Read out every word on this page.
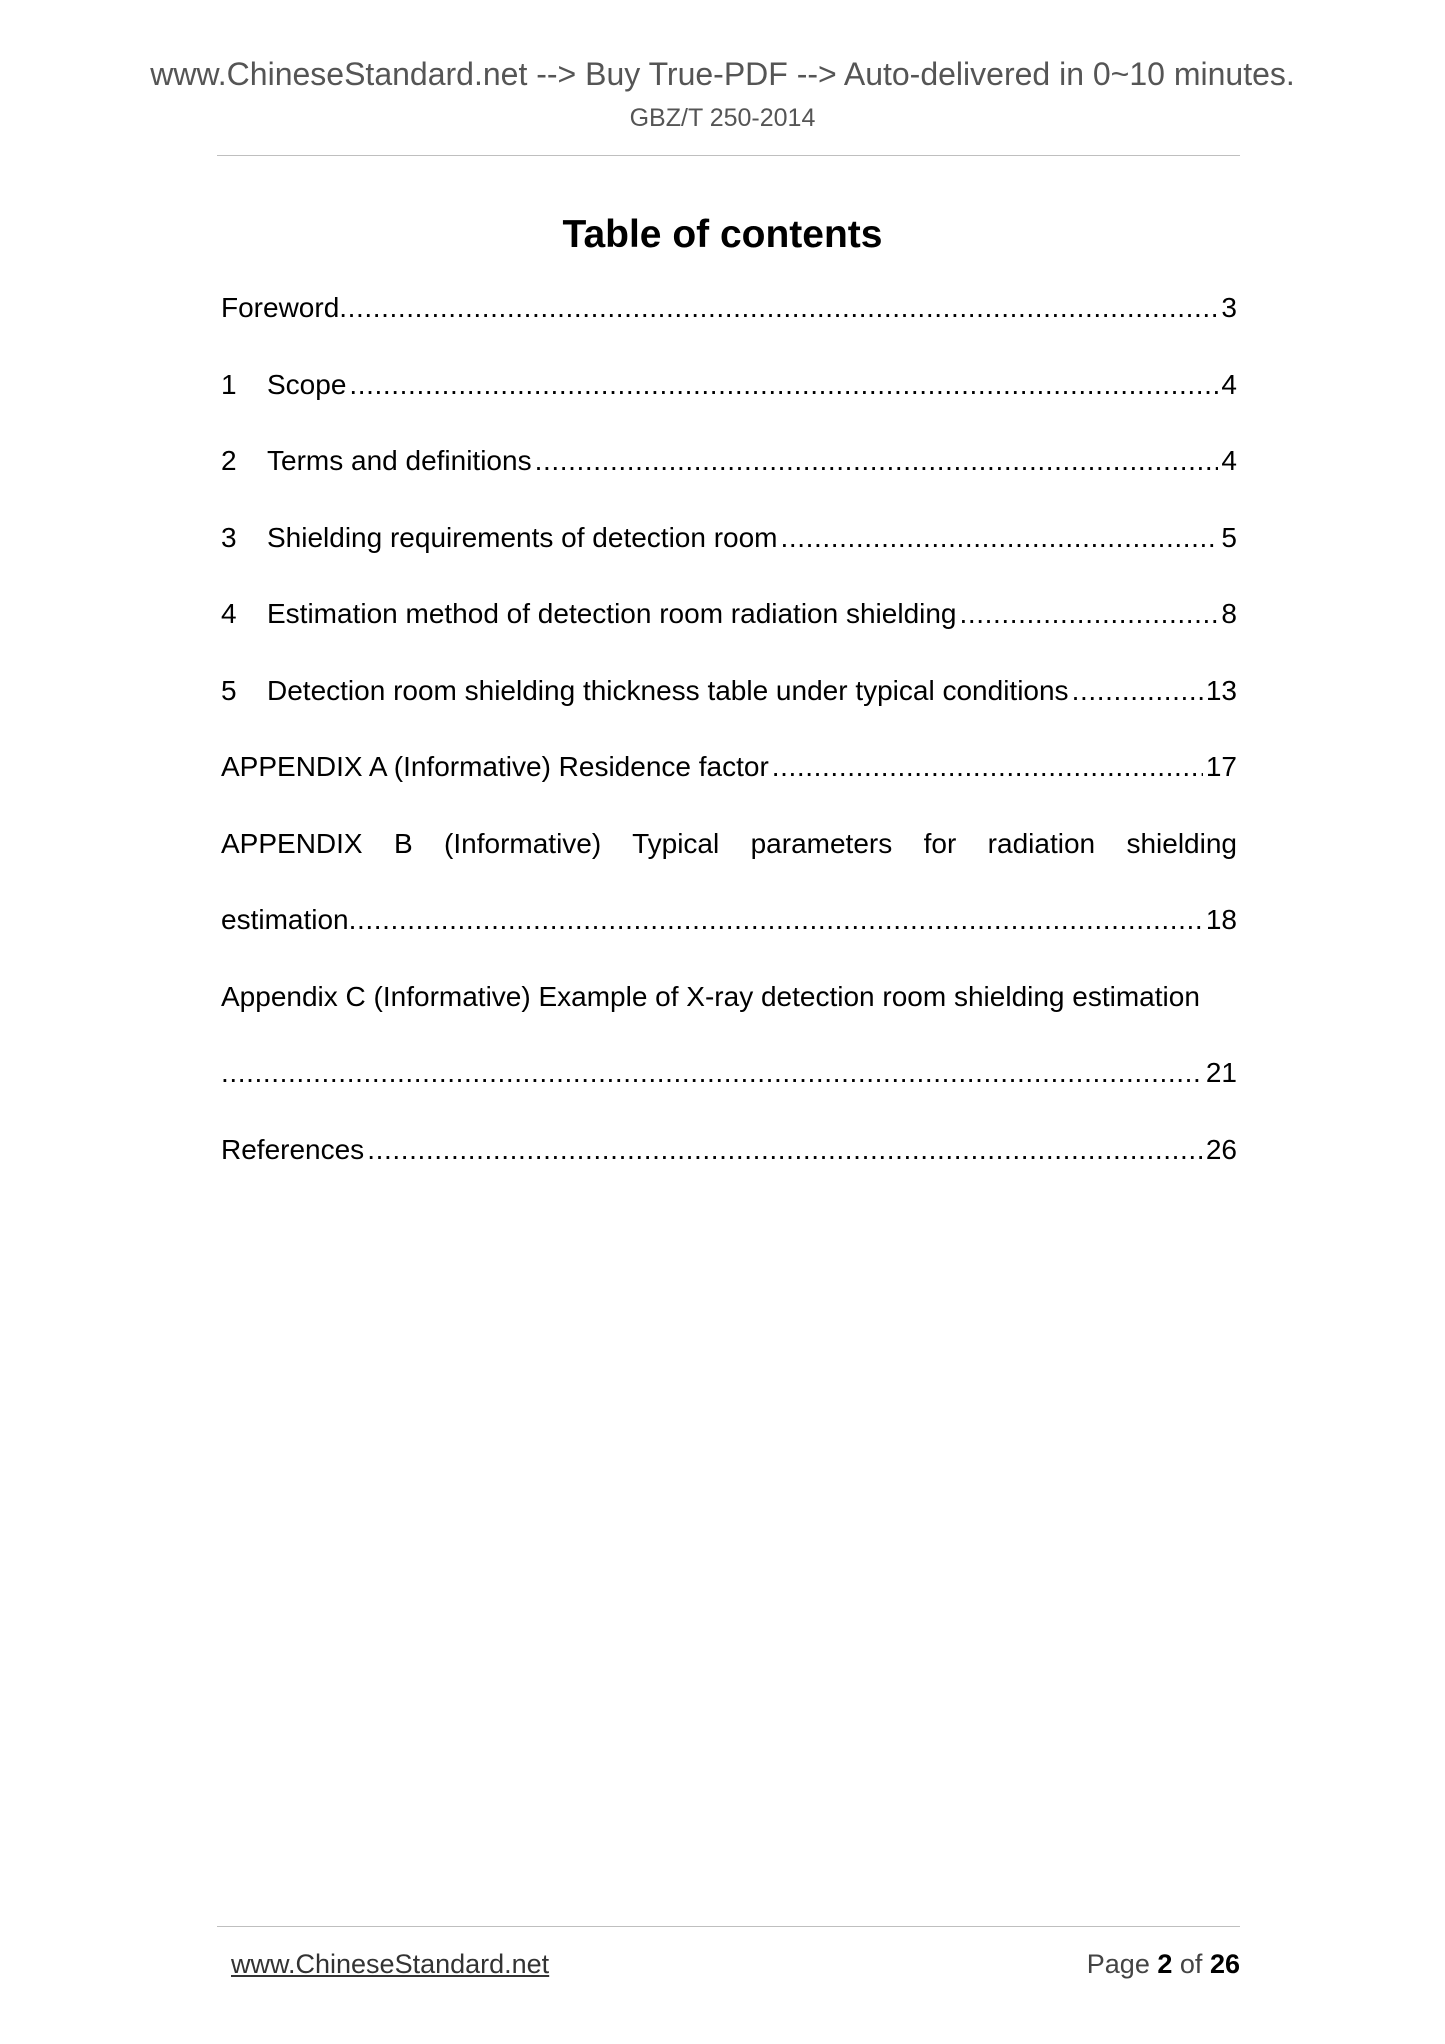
www.ChineseStandard.net --> Buy True-PDF --> Auto-delivered in 0~10 minutes.
GBZ/T 250-2014
Table of contents
Foreword .....	3
1	Scope .....	4
2	Terms and definitions .....	4
3	Shielding requirements of detection room .....	5
4	Estimation method of detection room radiation shielding .....	8
5	Detection room shielding thickness table under typical conditions .....	13
APPENDIX A (Informative) Residence factor .....	17
APPENDIX B (Informative) Typical parameters for radiation shielding
estimation .....	18
Appendix C (Informative) Example of X-ray detection room shielding estimation
.....
21
References .....	26
www.ChineseStandard.net	Page 2 of 26
